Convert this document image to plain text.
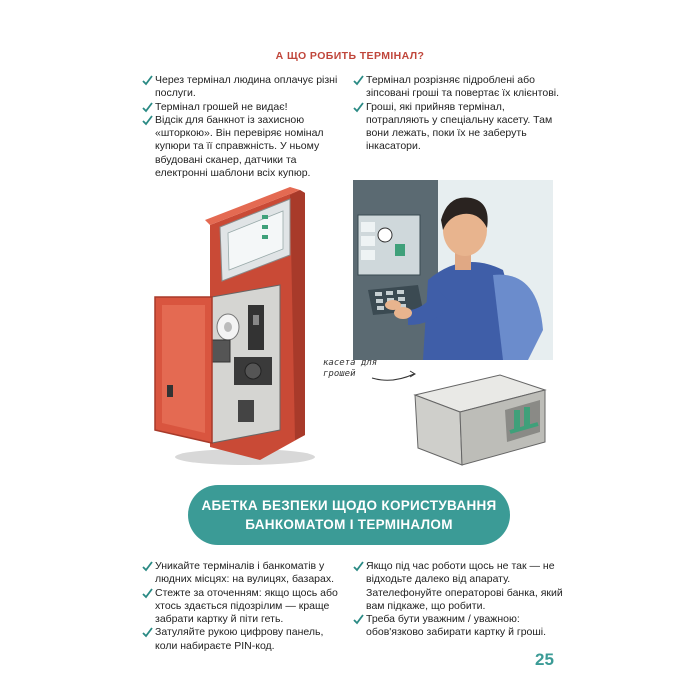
А ЩО РОБИТЬ ТЕРМІНАЛ?
Через термінал людина оплачує різні послуги.
Термінал грошей не видає!
Відсік для банкнот із захисною «шторкою». Він перевіряє номінал купюри та її справжність. У ньому вбудовані сканер, датчики та електронні шаблони всіх купюр.
Термінал розрізняє підроблені або зіпсовані гроші та повертає їх клієнтові.
Гроші, які прийняв термінал, потрапляють у спеціальну касету. Там вони лежать, поки їх не заберуть інкасатори.
касета для грошей
АБЕТКА БЕЗПЕКИ ЩОДО КОРИСТУВАННЯ
БАНКОМАТОМ І ТЕРМІНАЛОМ
Уникайте терміналів і банкоматів у людних місцях: на вулицях, базарах.
Стежте за оточенням: якщо щось або хтось здається підозрілим — краще забрати картку й піти геть.
Затуляйте рукою цифрову панель, коли набираєте PIN-код.
Якщо під час роботи щось не так — не відходьте далеко від апарату. Зателефонуйте операторові банка, який вам підкаже, що робити.
Треба бути уважним / уважною: обов'язково забирати картку й гроші.
25
